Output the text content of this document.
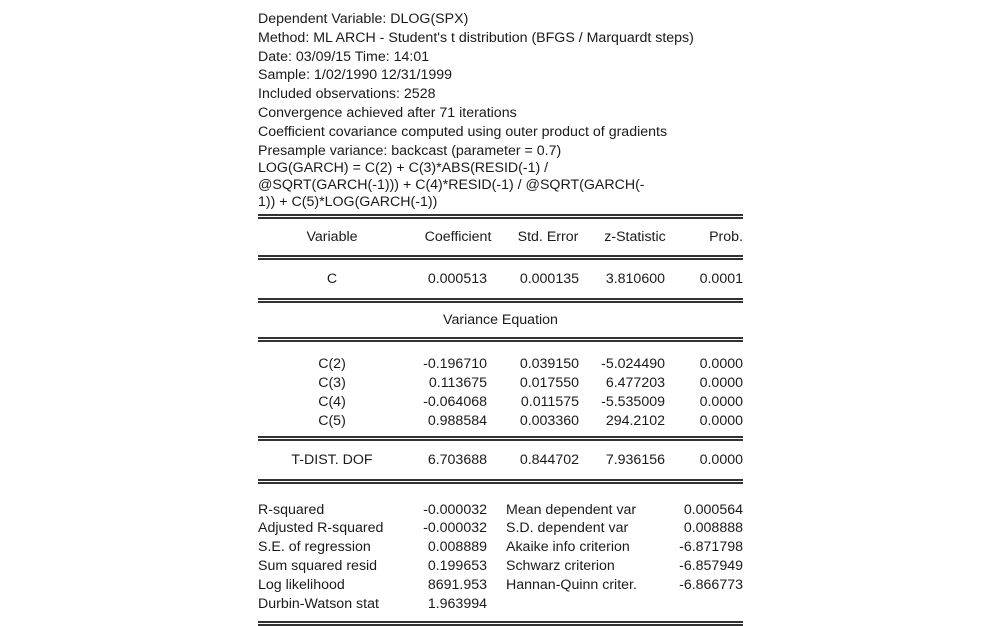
Dependent Variable: DLOG(SPX)
Method: ML ARCH - Student's t distribution (BFGS / Marquardt steps)
Date: 03/09/15 Time: 14:01
Sample: 1/02/1990 12/31/1999
Included observations: 2528
Convergence achieved after 71 iterations
Coefficient covariance computed using outer product of gradients
Presample variance: backcast (parameter = 0.7)
LOG(GARCH) = C(2) + C(3)*ABS(RESID(-1) /
@SQRT(GARCH(-1))) + C(4)*RESID(-1) / @SQRT(GARCH(-
1)) + C(5)*LOG(GARCH(-1))
Variable	Coefficient	Std. Error	z-Statistic	Prob.
C	0.000513 0.000135 3.810600 0.0001
Variance Equation
C(2)	-0.196710 0.039150 -5.024490 0.0000
C(3)	0.113675 0.017550 6.477203 0.0000
C(4)	-0.064068 0.011575 -5.535009 0.0000
C(5)	0.988584 0.003360 294.2102 0.0000
T-DIST. DOF	6.703688 0.844702 7.936156 0.0000
R-squared	-0.000032 Mean dependent var	0.000564
Adjusted R-squared	-0.000032 S.D. dependent var	0.008888
S.E. of regression	0.008889 Akaike info criterion	-6.871798
Sum squared resid	0.199653 Schwarz criterion	-6.857949
Log likelihood	8691.953 Hannan-Quinn criter.	-6.866773
Durbin-Watson stat	1.963994
